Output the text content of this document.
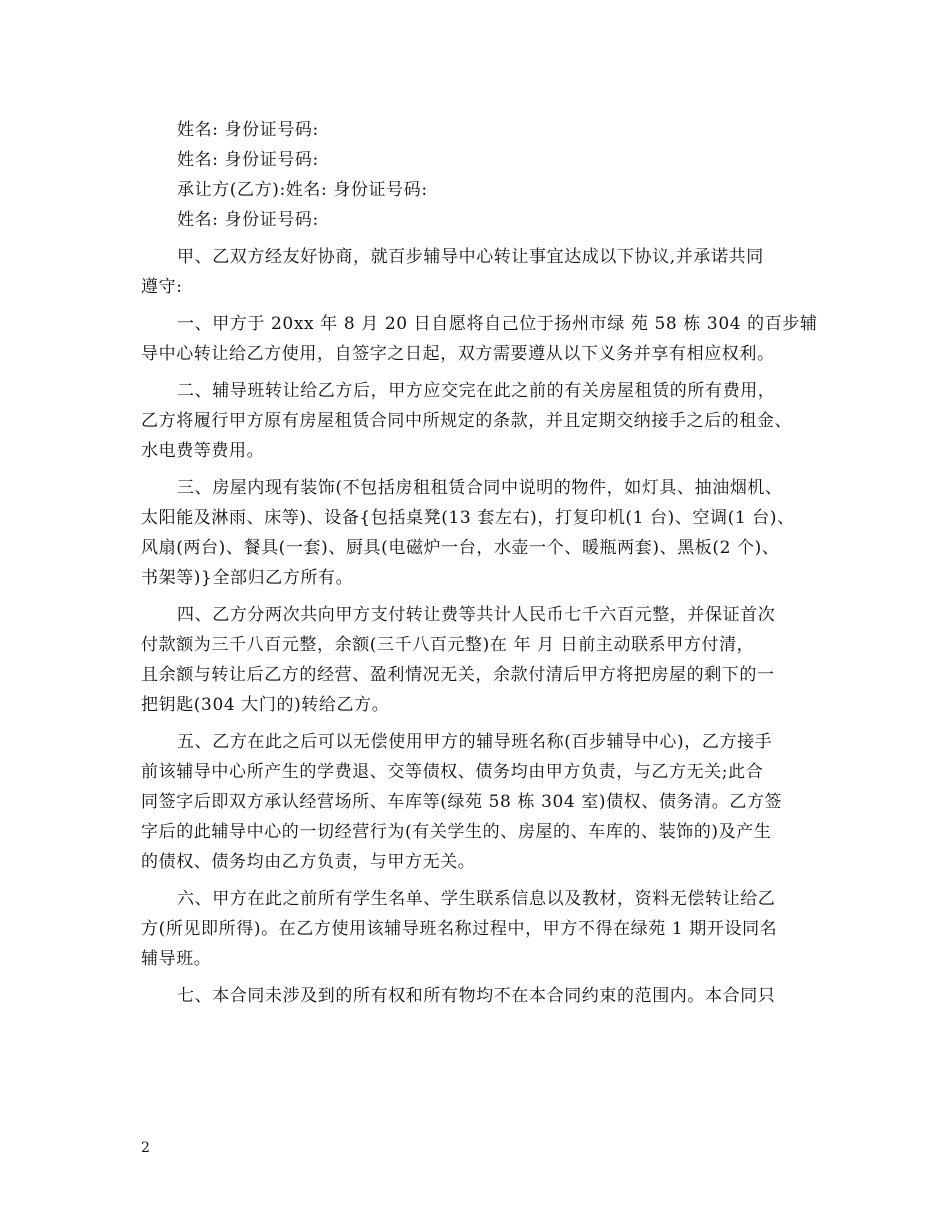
姓名: 身份证号码:
姓名: 身份证号码:
承让方(乙方):姓名: 身份证号码:
姓名: 身份证号码:
甲、乙双方经友好协商，就百步辅导中心转让事宜达成以下协议,并承诺共同
遵守:
一、甲方于 20xx 年 8 月 20 日自愿将自己位于扬州市绿 苑 58 栋 304 的百步辅
导中心转让给乙方使用，自签字之日起，双方需要遵从以下义务并享有相应权利。
二、辅导班转让给乙方后，甲方应交完在此之前的有关房屋租赁的所有费用，
乙方将履行甲方原有房屋租赁合同中所规定的条款，并且定期交纳接手之后的租金、
水电费等费用。
三、房屋内现有装饰(不包括房租租赁合同中说明的物件，如灯具、抽油烟机、
太阳能及淋雨、床等)、设备{包括桌凳(13 套左右)，打复印机(1 台)、空调(1 台)、
风扇(两台)、餐具(一套)、厨具(电磁炉一台，水壶一个、暖瓶两套)、黑板(2 个)、
书架等)}全部归乙方所有。
四、乙方分两次共向甲方支付转让费等共计人民币七千六百元整，并保证首次
付款额为三千八百元整，余额(三千八百元整)在 年 月 日前主动联系甲方付清，
且余额与转让后乙方的经营、盈利情况无关，余款付清后甲方将把房屋的剩下的一
把钥匙(304 大门的)转给乙方。
五、乙方在此之后可以无偿使用甲方的辅导班名称(百步辅导中心)，乙方接手
前该辅导中心所产生的学费退、交等债权、债务均由甲方负责，与乙方无关;此合
同签字后即双方承认经营场所、车库等(绿苑 58 栋 304 室)债权、债务清。乙方签
字后的此辅导中心的一切经营行为(有关学生的、房屋的、车库的、装饰的)及产生
的债权、债务均由乙方负责，与甲方无关。
六、甲方在此之前所有学生名单、学生联系信息以及教材，资料无偿转让给乙
方(所见即所得)。在乙方使用该辅导班名称过程中，甲方不得在绿苑 1 期开设同名
辅导班。
七、本合同未涉及到的所有权和所有物均不在本合同约束的范围内。本合同只
2
